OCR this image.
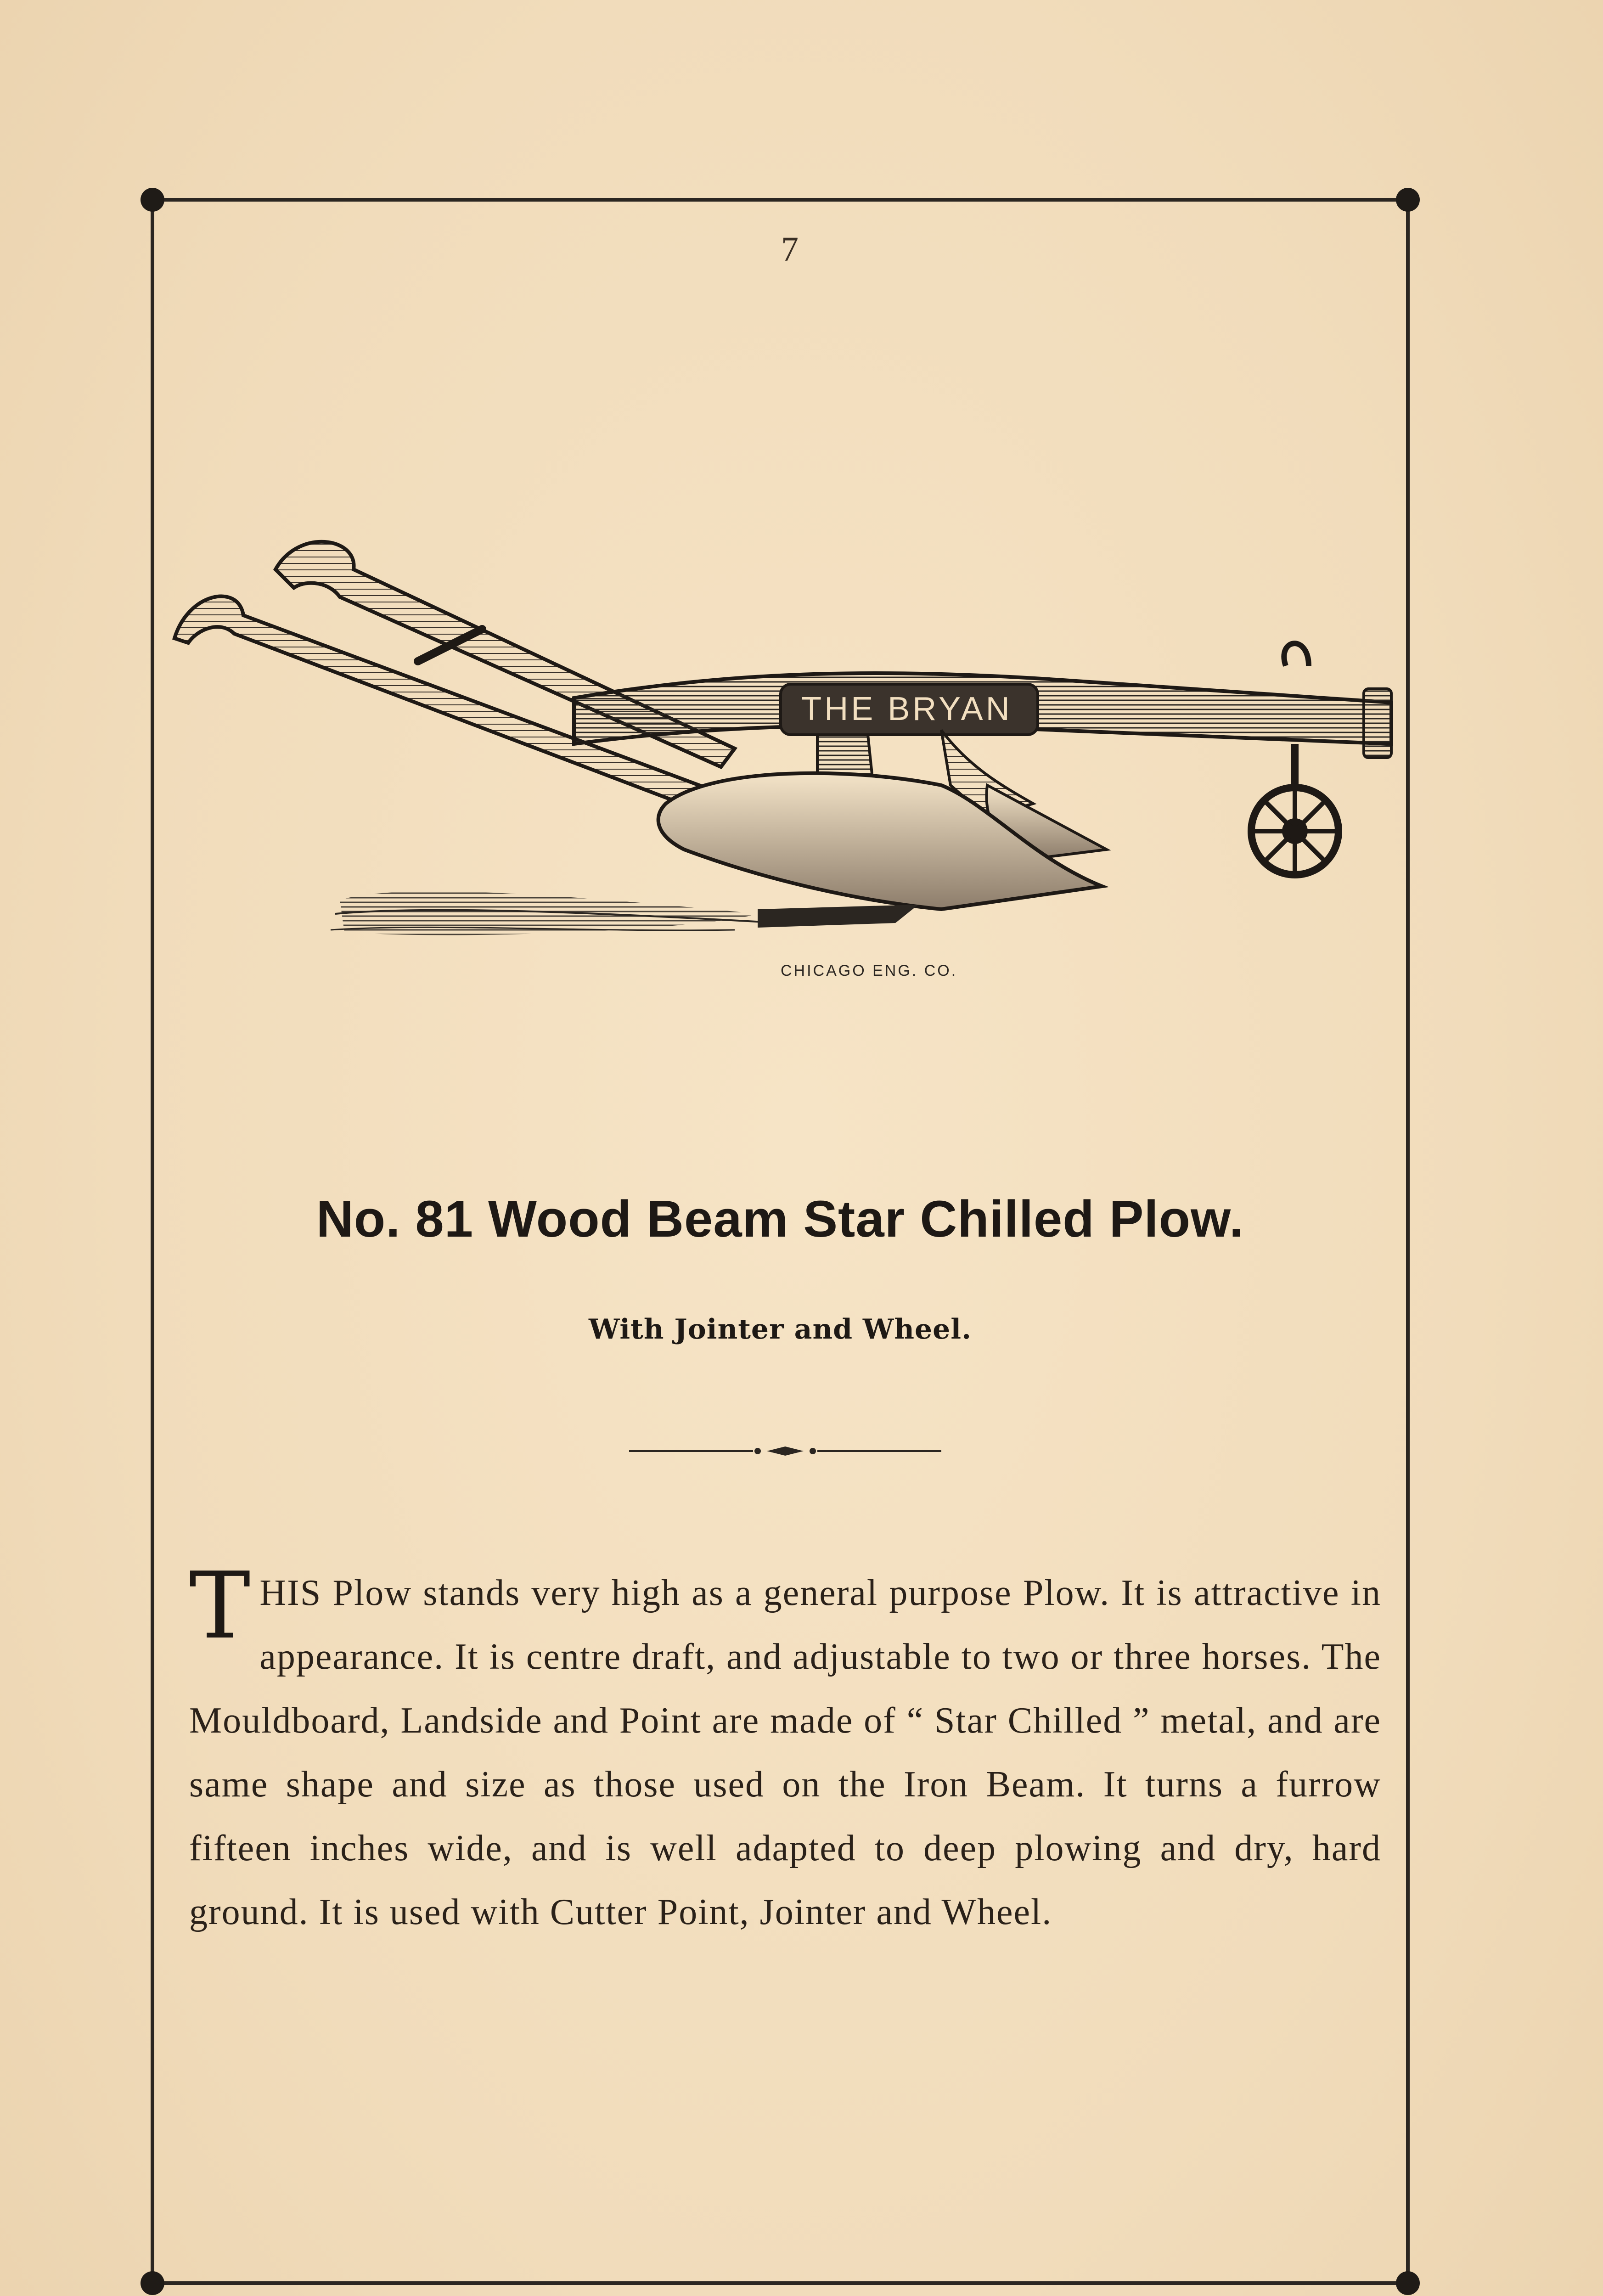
7
THE BRYAN
CHICAGO ENG. CO.
No. 81 Wood Beam Star Chilled Plow.
With Jointer and Wheel.
THIS Plow stands very high as a general purpose Plow. It is attractive in appearance. It is centre draft, and adjustable to two or three horses. The Mouldboard, Landside and Point are made of “ Star Chilled ” metal, and are same shape and size as those used on the Iron Beam. It turns a furrow fifteen inches wide, and is well adapted to deep plowing and dry, hard ground. It is used with Cutter Point, Jointer and Wheel.
